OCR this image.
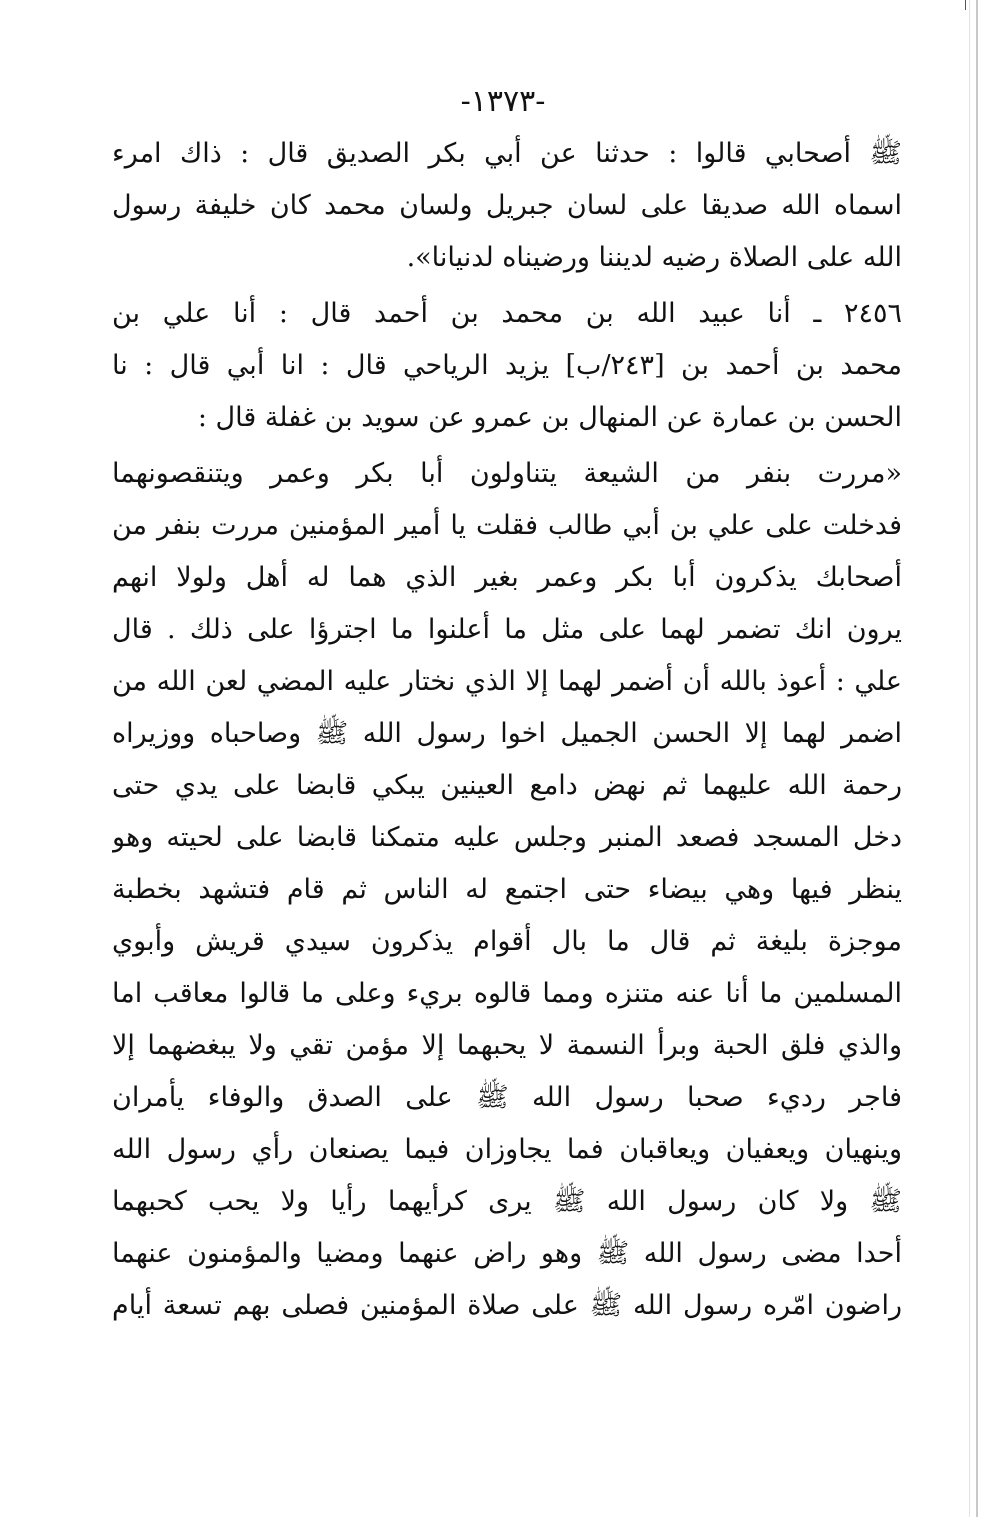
-١٣٧٣-
ﷺ أصحابي قالوا : حدثنا عن أبي بكر الصديق قال : ذاك امرء
اسماه الله صديقا على لسان جبريل ولسان محمد كان خليفة رسول
الله على الصلاة رضيه لديننا ورضيناه لدنيانا».
٢٤٥٦ ـ أنا عبيد الله بن محمد بن أحمد قال : أنا علي بن
محمد بن أحمد بن [٢٤٣/ب] يزيد الرياحي قال : انا أبي قال : نا
الحسن بن عمارة عن المنهال بن عمرو عن سويد بن غفلة قال :
«مررت بنفر من الشيعة يتناولون أبا بكر وعمر ويتنقصونهما
فدخلت على علي بن أبي طالب فقلت يا أمير المؤمنين مررت بنفر من
أصحابك يذكرون أبا بكر وعمر بغير الذي هما له أهل ولولا انهم
يرون انك تضمر لهما على مثل ما أعلنوا ما اجترؤا على ذلك . قال
علي : أعوذ بالله أن أضمر لهما إلا الذي نختار عليه المضي لعن الله من
اضمر لهما إلا الحسن الجميل اخوا رسول الله ﷺ وصاحباه ووزيراه
رحمة الله عليهما ثم نهض دامع العينين يبكي قابضا على يدي حتى
دخل المسجد فصعد المنبر وجلس عليه متمكنا قابضا على لحيته وهو
ينظر فيها وهي بيضاء حتى اجتمع له الناس ثم قام فتشهد بخطبة
موجزة بليغة ثم قال ما بال أقوام يذكرون سيدي قريش وأبوي
المسلمين ما أنا عنه متنزه ومما قالوه بريء وعلى ما قالوا معاقب اما
والذي فلق الحبة وبرأ النسمة لا يحبهما إلا مؤمن تقي ولا يبغضهما إلا
فاجر رديء صحبا رسول الله ﷺ على الصدق والوفاء يأمران
وينهيان ويعفيان ويعاقبان فما يجاوزان فيما يصنعان رأي رسول الله
ﷺ ولا كان رسول الله ﷺ يرى كرأيهما رأيا ولا يحب كحبهما
أحدا مضى رسول الله ﷺ وهو راض عنهما ومضيا والمؤمنون عنهما
راضون امّره رسول الله ﷺ على صلاة المؤمنين فصلى بهم تسعة أيام
